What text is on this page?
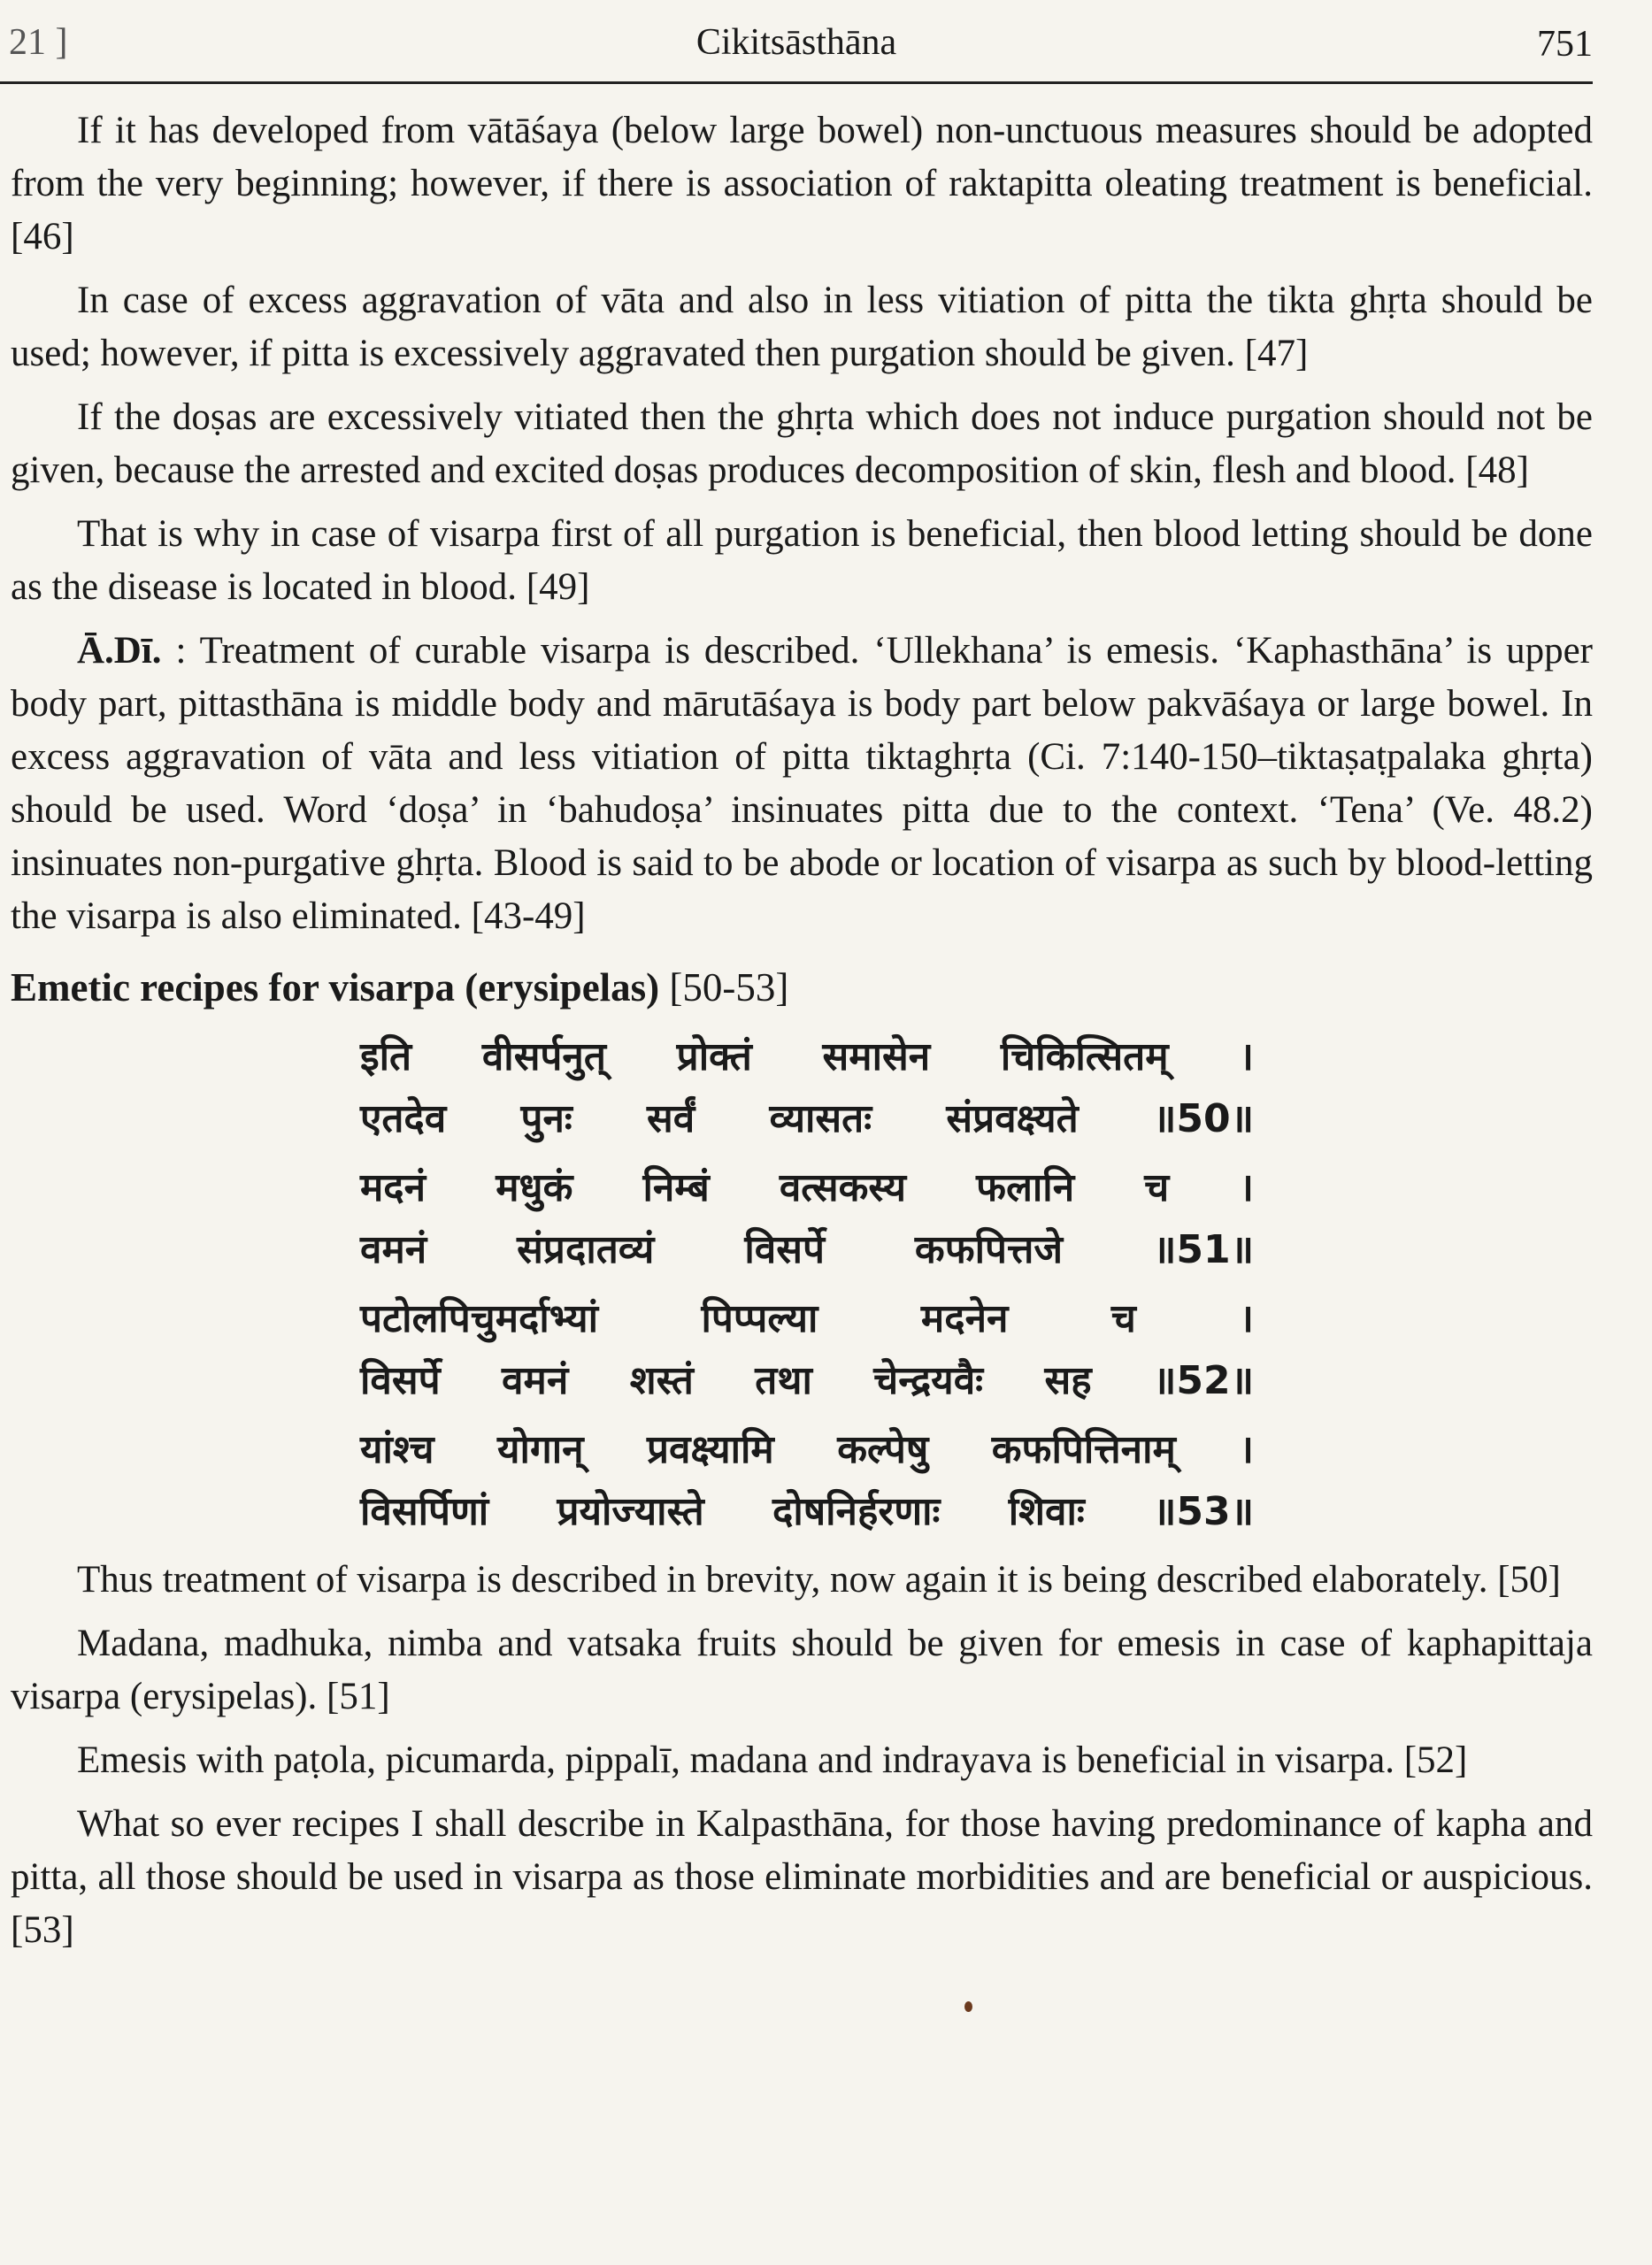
21 ]	Cikitsāsthāna	751

If it has developed from vātāśaya (below large bowel) non-unctuous measures should be adopted from the very beginning; however, if there is association of raktapitta oleating treatment is beneficial. [46]

In case of excess aggravation of vāta and also in less vitiation of pitta the tikta ghṛta should be used; however, if pitta is excessively aggravated then purgation should be given. [47]

If the doṣas are excessively vitiated then the ghṛta which does not induce purgation should not be given, because the arrested and excited doṣas produces decomposition of skin, flesh and blood. [48]

That is why in case of visarpa first of all purgation is beneficial, then blood letting should be done as the disease is located in blood. [49]

Ā.Dī. : Treatment of curable visarpa is described. ‘Ullekhana’ is emesis. ‘Kaphasthāna’ is upper body part, pittasthāna is middle body and mārutāśaya is body part below pakvāśaya or large bowel. In excess aggravation of vāta and less vitiation of pitta tiktaghṛta (Ci. 7:140-150–tiktaṣaṭpalaka ghṛta) should be used. Word ‘doṣa’ in ‘bahudoṣa’ insinuates pitta due to the context. ‘Tena’ (Ve. 48.2) insinuates non-purgative ghṛta. Blood is said to be abode or location of visarpa as such by blood-letting the visarpa is also eliminated. [43-49]

Emetic recipes for visarpa (erysipelas) [50-53]
इति वीसर्पनुत् प्रोक्तं समासेन चिकित्सितम् ।
एतदेव पुनः सर्वं व्यासतः संप्रवक्ष्यते ॥50॥
मदनं मधुकं निम्बं वत्सकस्य फलानि च ।
वमनं संप्रदातव्यं विसर्पे कफपित्तजे ॥51॥
पटोलपिचुमर्दाभ्यां	पिप्पल्या	मदनेन	च	।
विसर्पे वमनं शस्तं तथा चेन्द्रयवैः सह ॥52॥
यांश्च योगान् प्रवक्ष्यामि कल्पेषु कफपित्तिनाम् ।
विसर्पिणां प्रयोज्यास्ते दोषनिर्हरणाः शिवाः ॥53॥

Thus treatment of visarpa is described in brevity, now again it is being described elaborately. [50]

Madana, madhuka, nimba and vatsaka fruits should be given for emesis in case of kaphapittaja visarpa (erysipelas). [51]

Emesis with paṭola, picumarda, pippalī, madana and indrayava is beneficial in visarpa. [52]

What so ever recipes I shall describe in Kalpasthāna, for those having predominance of kapha and pitta, all those should be used in visarpa as those eliminate morbidities and are beneficial or auspicious. [53]
